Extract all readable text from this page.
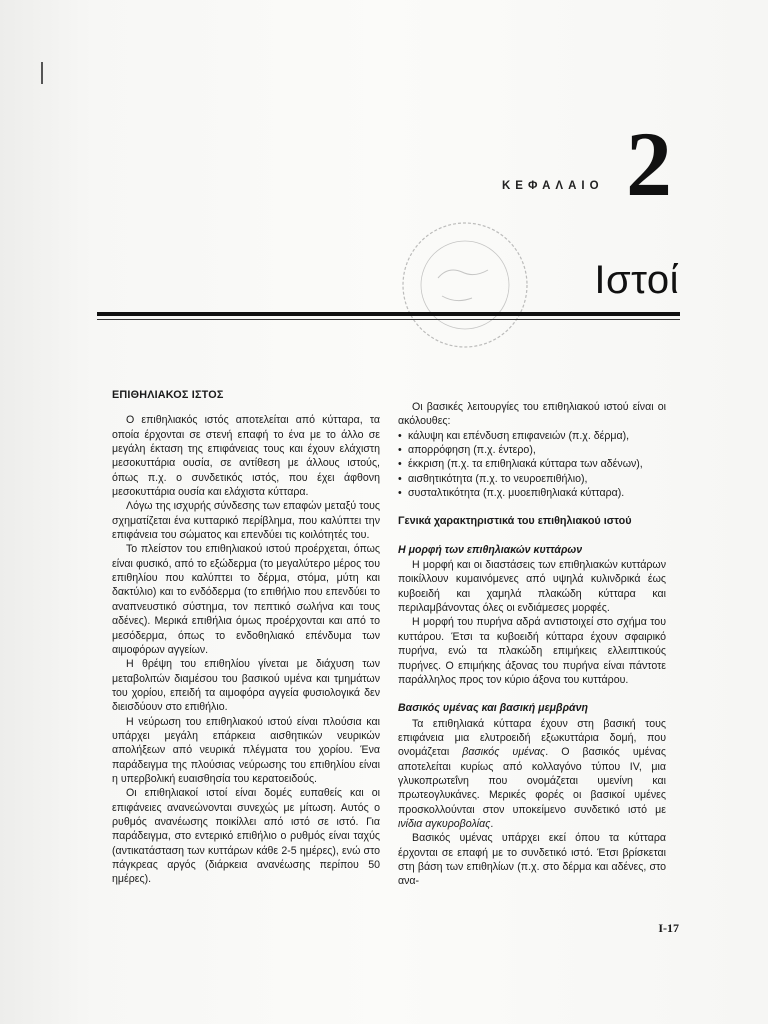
ΚΕΦΑΛΑΙΟ 2
Ιστοί
ΕΠΙΘΗΛΙΑΚΟΣ ΙΣΤΟΣ

Ο επιθηλιακός ιστός αποτελείται από κύτταρα, τα οποία έρχονται σε στενή επαφή το ένα με το άλλο σε μεγάλη έκταση της επιφάνειας τους και έχουν ελάχιστη μεσοκυττάρια ουσία, σε αντίθεση με άλλους ιστούς, όπως π.χ. ο συνδετικός ιστός, που έχει άφθονη μεσοκυττάρια ουσία και ελάχιστα κύτταρα.

Λόγω της ισχυρής σύνδεσης των επαφών μεταξύ τους σχηματίζεται ένα κυτταρικό περίβλημα, που καλύπτει την επιφάνεια του σώματος και επενδύει τις κοιλότητές του.

Το πλείστον του επιθηλιακού ιστού προέρχεται, όπως είναι φυσικό, από το εξώδερμα (το μεγαλύτερο μέρος του επιθηλίου που καλύπτει το δέρμα, στόμα, μύτη και δακτύλιο) και το ενδόδερμα (το επιθήλιο που επενδύει το αναπνευστικό σύστημα, τον πεπτικό σωλήνα και τους αδένες). Μερικά επιθήλια όμως προέρχονται και από το μεσόδερμα, όπως το ενδοθηλιακό επένδυμα των αιμοφόρων αγγείων.

Η θρέψη του επιθηλίου γίνεται με διάχυση των μεταβολιτών διαμέσου του βασικού υμένα και τμημάτων του χορίου, επειδή τα αιμοφόρα αγγεία φυσιολογικά δεν διεισδύουν στο επιθήλιο.

Η νεύρωση του επιθηλιακού ιστού είναι πλούσια και υπάρχει μεγάλη επάρκεια αισθητικών νευρικών απολήξεων από νευρικά πλέγματα του χορίου. Ένα παράδειγμα της πλούσιας νεύρωσης του επιθηλίου είναι η υπερβολική ευαισθησία του κερατοειδούς.

Οι επιθηλιακοί ιστοί είναι δομές ευπαθείς και οι επιφάνειες ανανεώνονται συνεχώς με μίτωση. Αυτός ο ρυθμός ανανέωσης ποικίλλει από ιστό σε ιστό. Για παράδειγμα, στο εντερικό επιθήλιο ο ρυθμός είναι ταχύς (αντικατάσταση των κυττάρων κάθε 2-5 ημέρες), ενώ στο πάγκρεας αργός (διάρκεια ανανέωσης περίπου 50 ημέρες).

Οι βασικές λειτουργίες του επιθηλιακού ιστού είναι οι ακόλουθες:

• κάλυψη και επένδυση επιφανειών (π.χ. δέρμα),
• απορρόφηση (π.χ. έντερο),
• έκκριση (π.χ. τα επιθηλιακά κύτταρα των αδένων),
• αισθητικότητα (π.χ. το νευροεπιθήλιο),
• συσταλτικότητα (π.χ. μυοεπιθηλιακά κύτταρα).
Γενικά χαρακτηριστικά του επιθηλιακού ιστού
Η μορφή των επιθηλιακών κυττάρων

Η μορφή και οι διαστάσεις των επιθηλιακών κυττάρων ποικίλλουν κυμαινόμενες από υψηλά κυλινδρικά έως κυβοειδή και χαμηλά πλακώδη κύτταρα και περιλαμβάνοντας όλες οι ενδιάμεσες μορφές.

Η μορφή του πυρήνα αδρά αντιστοιχεί στο σχήμα του κυττάρου. Έτσι τα κυβοειδή κύτταρα έχουν σφαιρικό πυρήνα, ενώ τα πλακώδη επιμήκεις ελλειπτικούς πυρήνες. Ο επιμήκης άξονας του πυρήνα είναι πάντοτε παράλληλος προς τον κύριο άξονα του κυττάρου.

Βασικός υμένας και βασική μεμβράνη

Τα επιθηλιακά κύτταρα έχουν στη βασική τους επιφάνεια μια ελυτροειδή εξωκυττάρια δομή, που ονομάζεται βασικός υμένας. Ο βασικός υμένας αποτελείται κυρίως από κολλαγόνο τύπου IV, μια γλυκοπρωτεΐνη που ονομάζεται υμενίνη και πρωτεογλυκάνες. Μερικές φορές οι βασικοί υμένες προσκολλούνται στον υποκείμενο συνδετικό ιστό με ινίδια αγκυροβολίας.

Βασικός υμένας υπάρχει εκεί όπου τα κύτταρα έρχονται σε επαφή με το συνδετικό ιστό. Έτσι βρίσκεται στη βάση των επιθηλίων (π.χ. στο δέρμα και αδένες, στο ανα-

I-17
